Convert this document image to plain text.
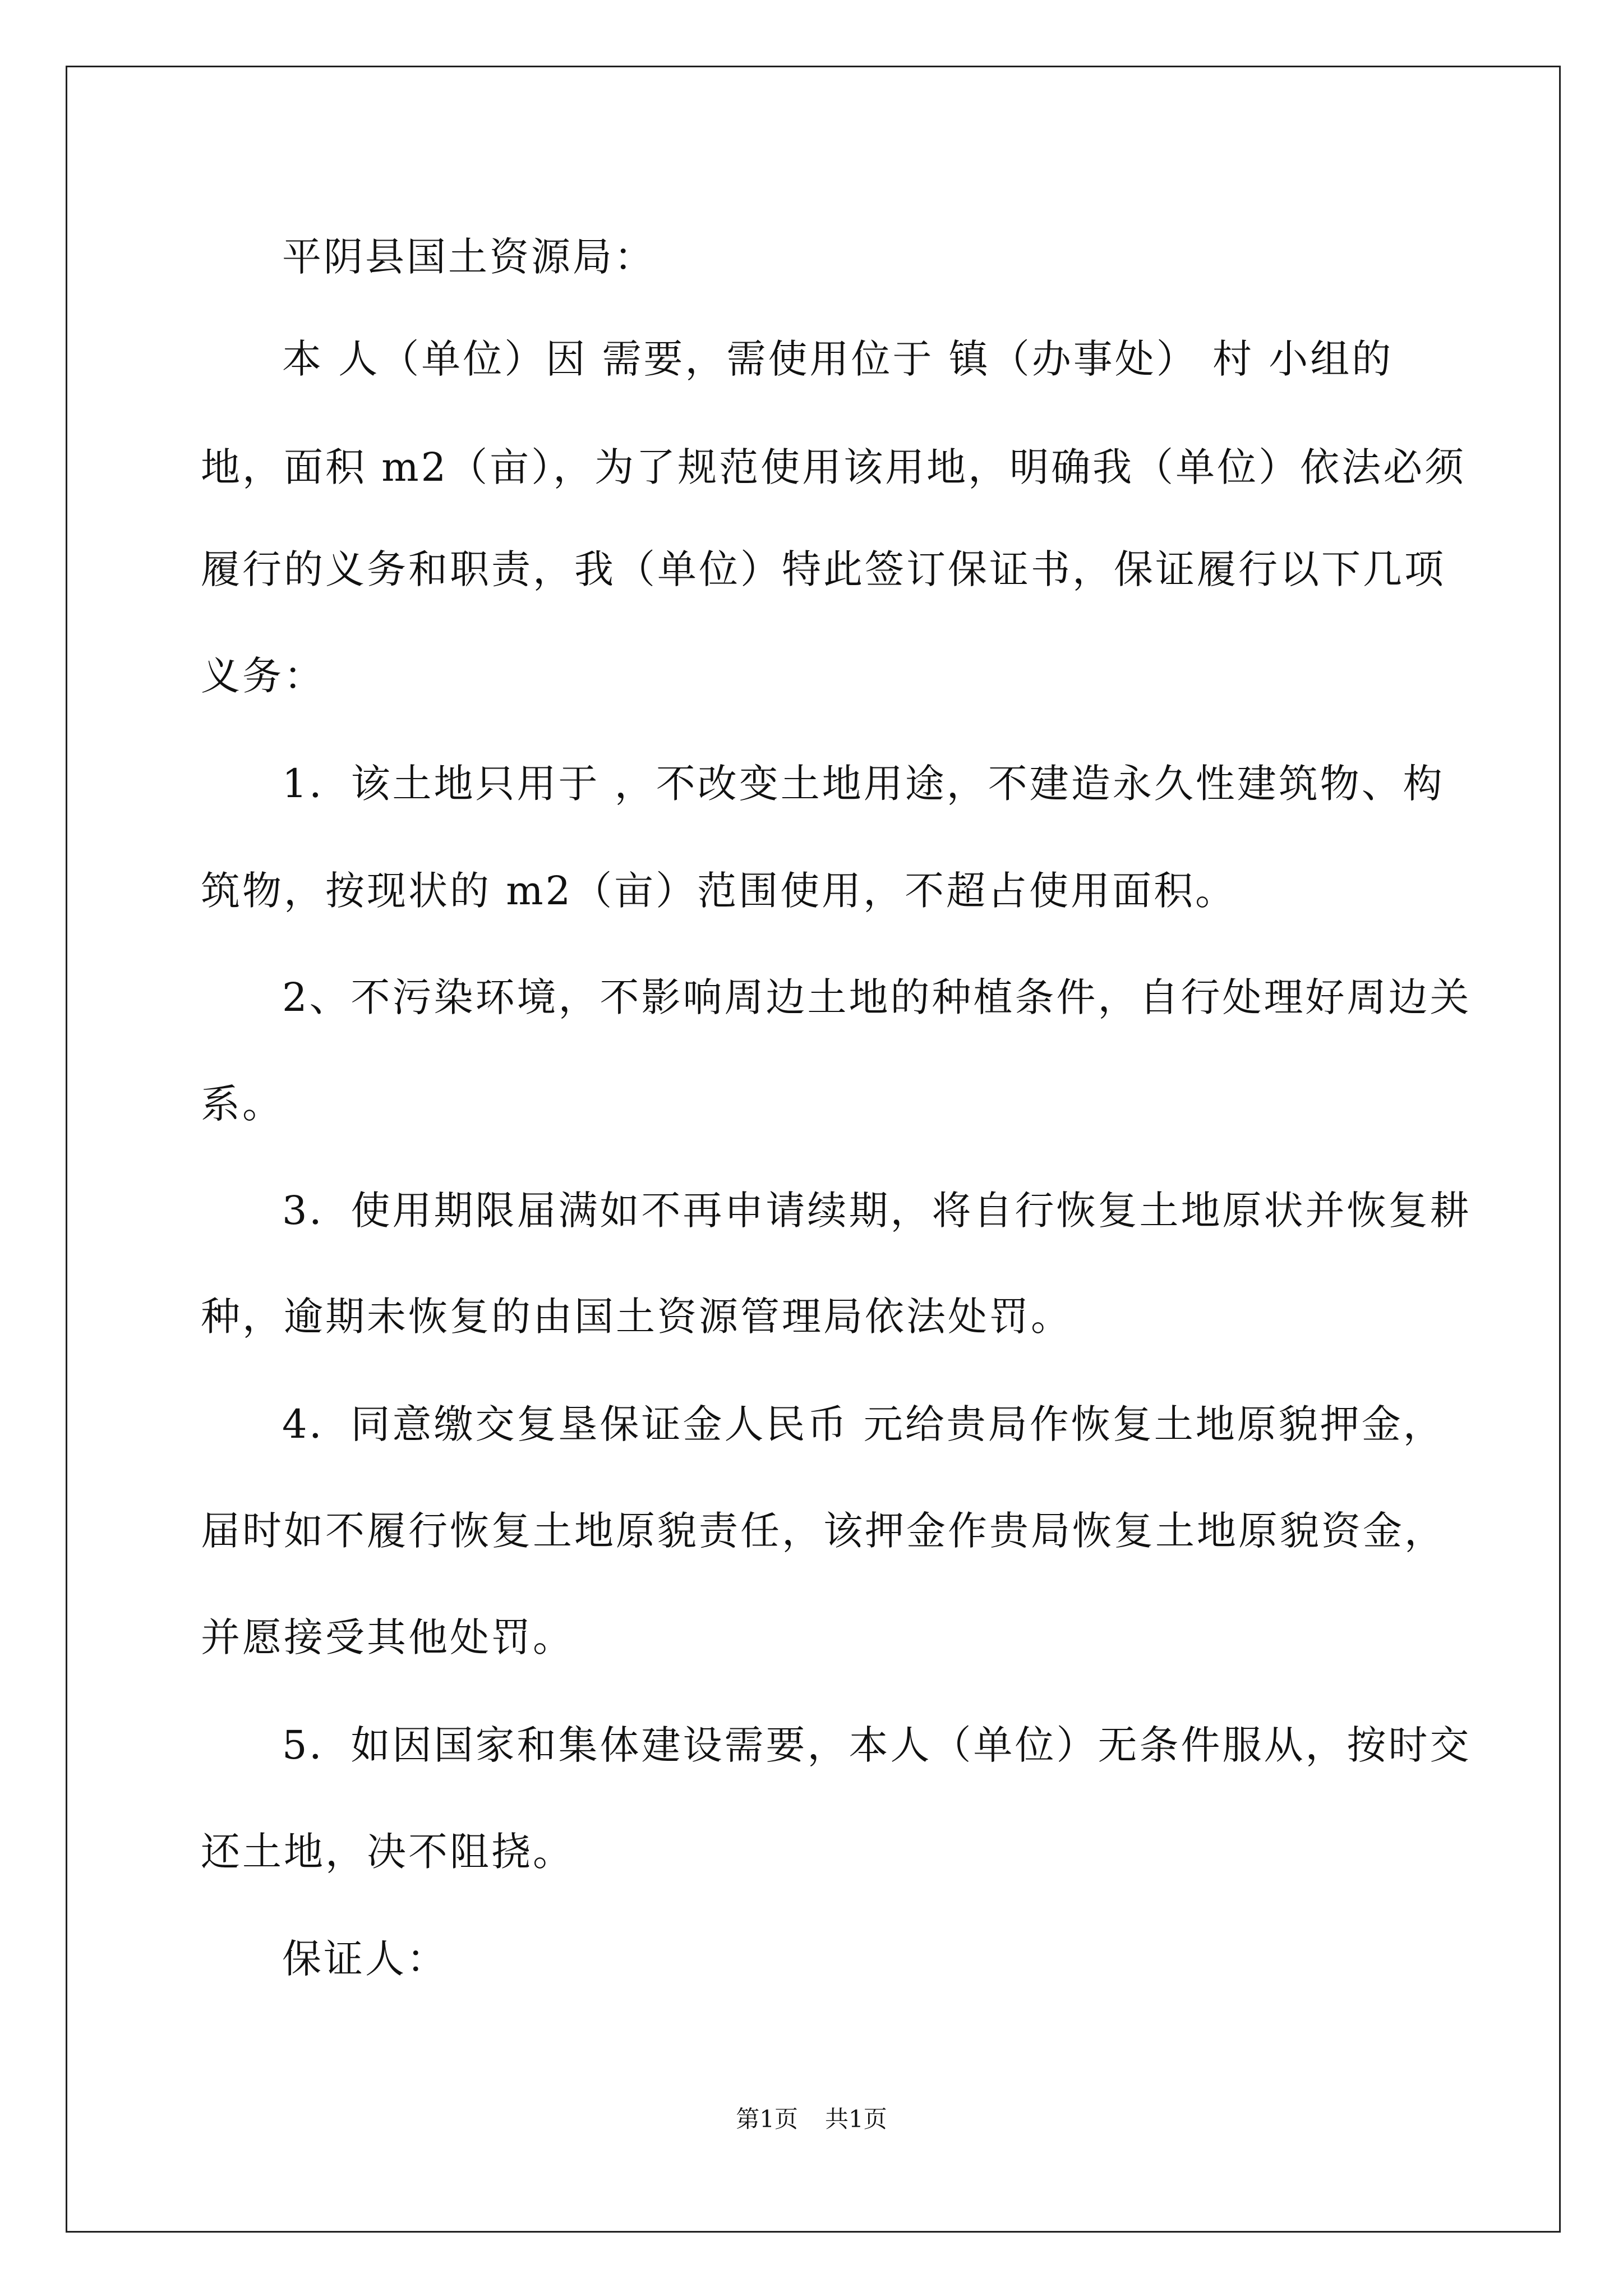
平阴县国土资源局：
本 人（单位）因 需要，需使用位于 镇（办事处） 村 小组的
地，面积 m2（亩），为了规范使用该用地，明确我（单位）依法必须
履行的义务和职责，我（单位）特此签订保证书，保证履行以下几项
义务：
1．该土地只用于 ，不改变土地用途，不建造永久性建筑物、构
筑物，按现状的 m2（亩）范围使用，不超占使用面积。
2、不污染环境，不影响周边土地的种植条件，自行处理好周边关
系。
3．使用期限届满如不再申请续期，将自行恢复土地原状并恢复耕
种，逾期未恢复的由国土资源管理局依法处罚。
4．同意缴交复垦保证金人民币 元给贵局作恢复土地原貌押金，
届时如不履行恢复土地原貌责任，该押金作贵局恢复土地原貌资金，
并愿接受其他处罚。
5．如因国家和集体建设需要，本人（单位）无条件服从，按时交
还土地，决不阻挠。
保证人：
第1页 共1页
